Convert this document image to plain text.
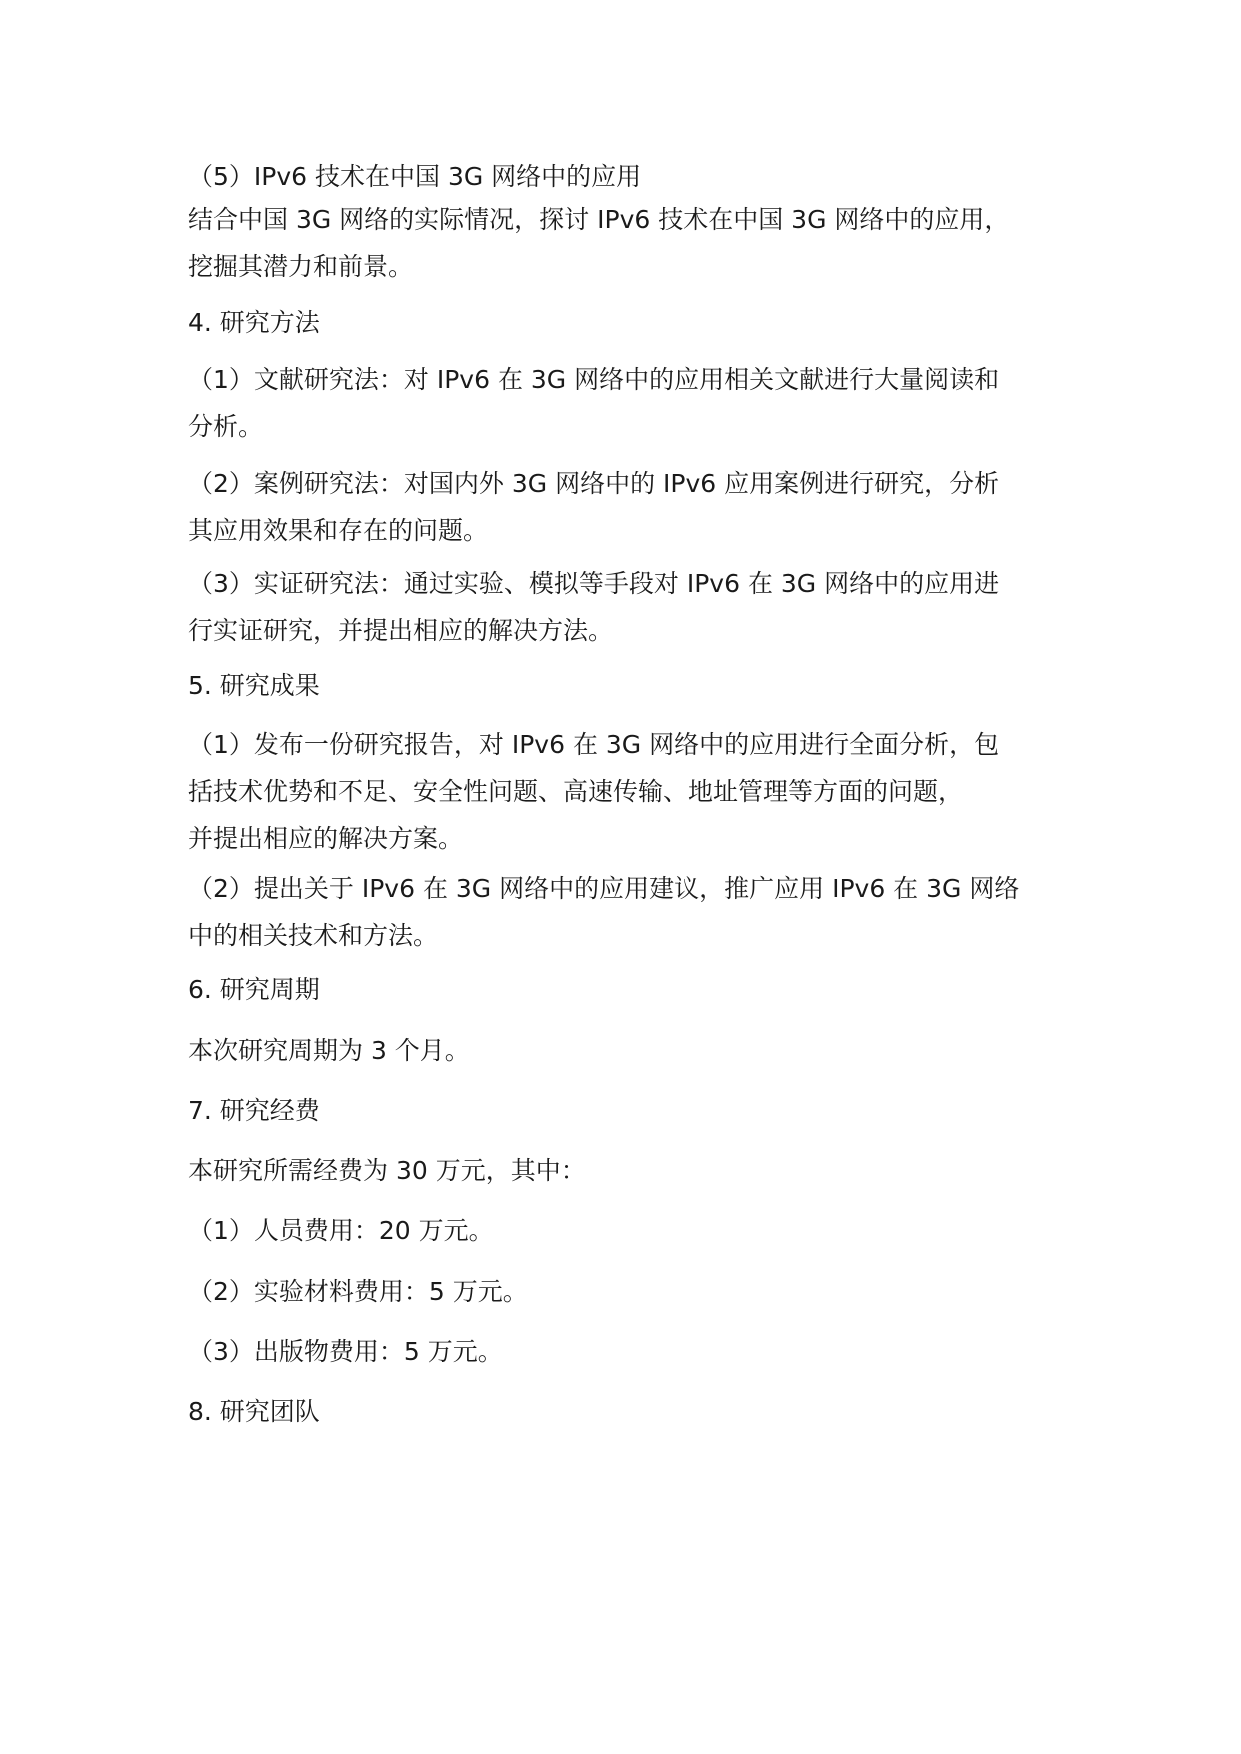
（5）IPv6 技术在中国 3G 网络中的应用
结合中国 3G 网络的实际情况，探讨 IPv6 技术在中国 3G 网络中的应用，
挖掘其潜力和前景。
4. 研究方法
（1）文献研究法：对 IPv6 在 3G 网络中的应用相关文献进行大量阅读和
分析。
（2）案例研究法：对国内外 3G 网络中的 IPv6 应用案例进行研究，分析
其应用效果和存在的问题。
（3）实证研究法：通过实验、模拟等手段对 IPv6 在 3G 网络中的应用进
行实证研究，并提出相应的解决方法。
5. 研究成果
（1）发布一份研究报告，对 IPv6 在 3G 网络中的应用进行全面分析，包
括技术优势和不足、安全性问题、高速传输、地址管理等方面的问题，
并提出相应的解决方案。
（2）提出关于 IPv6 在 3G 网络中的应用建议，推广应用 IPv6 在 3G 网络
中的相关技术和方法。
6. 研究周期
本次研究周期为 3 个月。
7. 研究经费
本研究所需经费为 30 万元，其中：
（1）人员费用：20 万元。
（2）实验材料费用：5 万元。
（3）出版物费用：5 万元。
8. 研究团队
